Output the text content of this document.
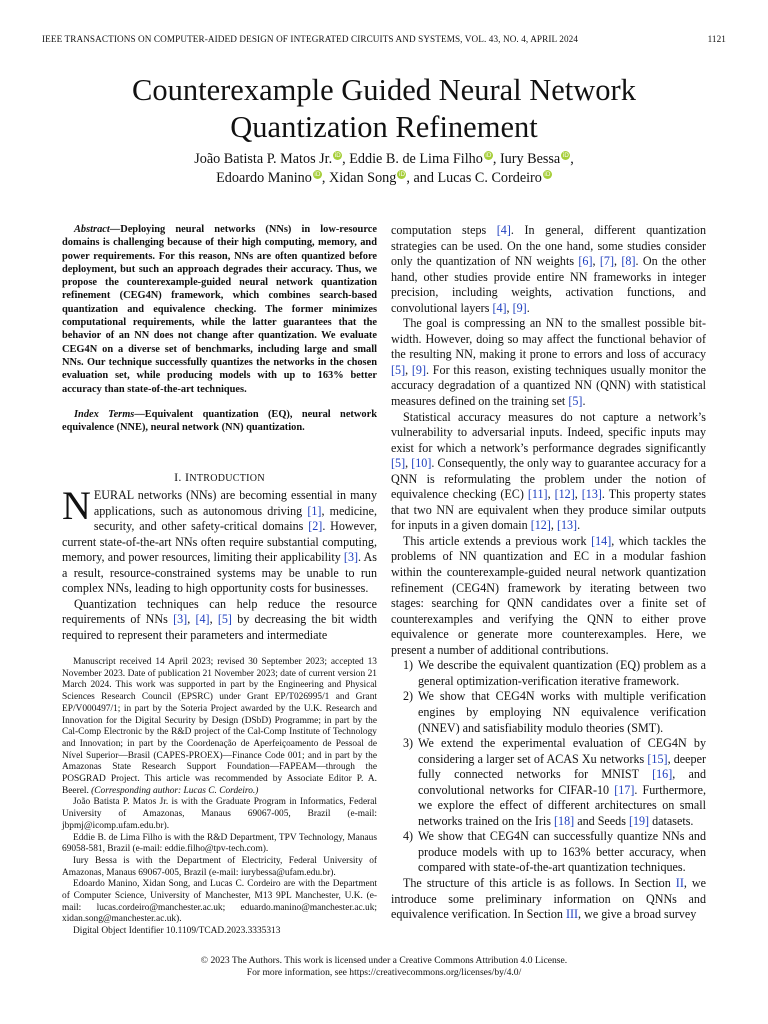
IEEE TRANSACTIONS ON COMPUTER-AIDED DESIGN OF INTEGRATED CIRCUITS AND SYSTEMS, VOL. 43, NO. 4, APRIL 2024	1121
Counterexample Guided Neural Network
Quantization Refinement
João Batista P. Matos Jr. iD, Eddie B. de Lima Filho iD, Iury Bessa iD,
Edoardo Manino iD, Xidan Song iD, and Lucas C. Cordeiro iD

Abstract—Deploying neural networks (NNs) in low-resource domains is challenging because of their high computing, memory, and power requirements. For this reason, NNs are often quantized before deployment, but such an approach degrades their accuracy. Thus, we propose the counterexample-guided neural network quantization refinement (CEG4N) framework, which combines search-based quantization and equivalence checking. The former minimizes computational requirements, while the latter guarantees that the behavior of an NN does not change after quantization. We evaluate CEG4N on a diverse set of benchmarks, including large and small NNs. Our technique successfully quantizes the networks in the chosen evaluation set, while producing models with up to 163% better accuracy than state-of-the-art techniques.

Index Terms—Equivalent quantization (EQ), neural network equivalence (NNE), neural network (NN) quantization.

I. INTRODUCTION

NEURAL networks (NNs) are becoming essential in many applications, such as autonomous driving [1], medicine, security, and other safety-critical domains [2]. However, current state-of-the-art NNs often require substantial computing, memory, and power resources, limiting their applicability [3]. As a result, resource-constrained systems may be unable to run complex NNs, leading to high opportunity costs for businesses.

Quantization techniques can help reduce the resource requirements of NNs [3], [4], [5] by decreasing the bit width required to represent their parameters and intermediate

Manuscript received 14 April 2023; revised 30 September 2023; accepted 13 November 2023. Date of publication 21 November 2023; date of current version 21 March 2024. This work was supported in part by the Engineering and Physical Sciences Research Council (EPSRC) under Grant EP/T026995/1 and Grant EP/V000497/1; in part by the Soteria Project awarded by the U.K. Research and Innovation for the Digital Security by Design (DSbD) Programme; in part by the Cal-Comp Electronic by the R&D project of the Cal-Comp Institute of Technology and Innovation; in part by the Coordenação de Aperfeiçoamento de Pessoal de Nível Superior—Brasil (CAPES-PROEX)—Finance Code 001; and in part by the Amazonas State Research Support Foundation—FAPEAM—through the POSGRAD Project. This article was recommended by Associate Editor P. A. Beerel. (Corresponding author: Lucas C. Cordeiro.)

João Batista P. Matos Jr. is with the Graduate Program in Informatics, Federal University of Amazonas, Manaus 69067-005, Brazil (e-mail: jbpmj@icomp.ufam.edu.br).

Eddie B. de Lima Filho is with the R&D Department, TPV Technology, Manaus 69058-581, Brazil (e-mail: eddie.filho@tpv-tech.com).

Iury Bessa is with the Department of Electricity, Federal University of Amazonas, Manaus 69067-005, Brazil (e-mail: iurybessa@ufam.edu.br).

Edoardo Manino, Xidan Song, and Lucas C. Cordeiro are with the Department of Computer Science, University of Manchester, M13 9PL Manchester, U.K. (e-mail: lucas.cordeiro@manchester.ac.uk; eduardo.manino@manchester.ac.uk; xidan.song@manchester.ac.uk).

Digital Object Identifier 10.1109/TCAD.2023.3335313

computation steps [4]. In general, different quantization strategies can be used. On the one hand, some studies consider only the quantization of NN weights [6], [7], [8]. On the other hand, other studies provide entire NN frameworks in integer precision, including weights, activation functions, and convolutional layers [4], [9].

The goal is compressing an NN to the smallest possible bit-width. However, doing so may affect the functional behavior of the resulting NN, making it prone to errors and loss of accuracy [5], [9]. For this reason, existing techniques usually monitor the accuracy degradation of a quantized NN (QNN) with statistical measures defined on the training set [5].

Statistical accuracy measures do not capture a network’s vulnerability to adversarial inputs. Indeed, specific inputs may exist for which a network’s performance degrades significantly [5], [10]. Consequently, the only way to guarantee accuracy for a QNN is reformulating the problem under the notion of equivalence checking (EC) [11], [12], [13]. This property states that two NN are equivalent when they produce similar outputs for inputs in a given domain [12], [13].

This article extends a previous work [14], which tackles the problems of NN quantization and EC in a modular fashion within the counterexample-guided neural network quantization refinement (CEG4N) framework by iterating between two stages: searching for QNN candidates over a finite set of counterexamples and verifying the QNN to either prove equivalence or generate more counterexamples. Here, we present a number of additional contributions.

1) We describe the equivalent quantization (EQ) problem as a general optimization-verification iterative framework.
2) We show that CEG4N works with multiple verification engines by employing NN equivalence verification (NNEV) and satisfiability modulo theories (SMT).
3) We extend the experimental evaluation of CEG4N by considering a larger set of ACAS Xu networks [15], deeper fully connected networks for MNIST [16], and convolutional networks for CIFAR-10 [17]. Furthermore, we explore the effect of different architectures on small networks trained on the Iris [18] and Seeds [19] datasets.
4) We show that CEG4N can successfully quantize NNs and produce models with up to 163% better accuracy, when compared with state-of-the-art quantization techniques.

The structure of this article is as follows. In Section II, we introduce some preliminary information on QNNs and equivalence verification. In Section III, we give a broad survey

© 2023 The Authors. This work is licensed under a Creative Commons Attribution 4.0 License.
For more information, see https://creativecommons.org/licenses/by/4.0/
